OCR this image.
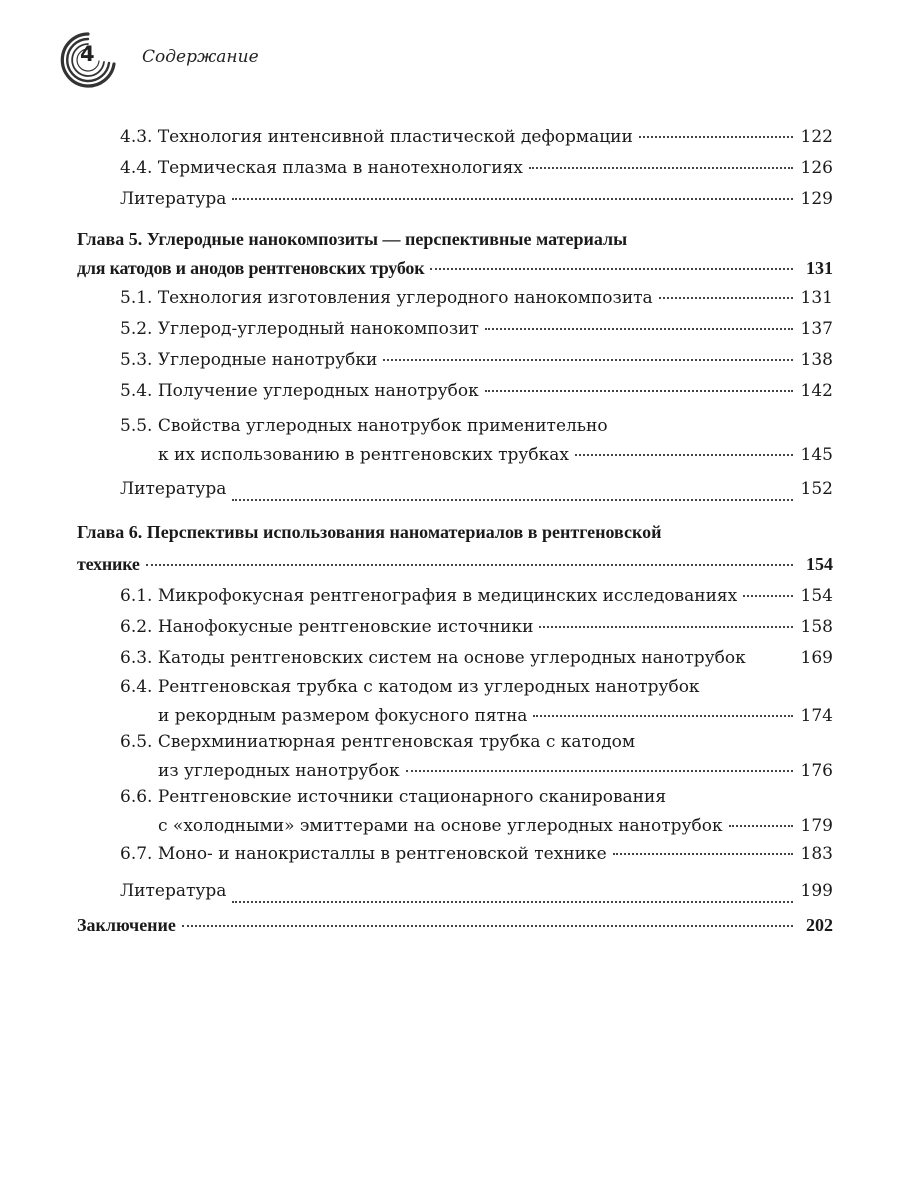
4	Содержание
4.3. Технология интенсивной пластической деформации	122
4.4. Термическая плазма в нанотехнологиях	126
Литература	129
Глава 5. Углеродные нанокомпозиты — перспективные материалы
для катодов и анодов рентгеновских трубок	131
5.1. Технология изготовления углеродного нанокомпозита	131
5.2. Углерод-углеродный нанокомпозит	137
5.3. Углеродные нанотрубки	138
5.4. Получение углеродных нанотрубок	142
5.5. Свойства углеродных нанотрубок применительно
к их использованию в рентгеновских трубках	145
Литература	152
Глава 6. Перспективы использования наноматериалов в рентгеновской
технике	154
6.1. Микрофокусная рентгенография в медицинских исследованиях	154
6.2. Нанофокусные рентгеновские источники	158
6.3. Катоды рентгеновских систем на основе углеродных нанотрубок	169
6.4. Рентгеновская трубка с катодом из углеродных нанотрубок
и рекордным размером фокусного пятна	174
6.5. Сверхминиатюрная рентгеновская трубка с катодом
из углеродных нанотрубок	176
6.6. Рентгеновские источники стационарного сканирования
с «холодными» эмиттерами на основе углеродных нанотрубок	179
6.7. Моно- и нанокристаллы в рентгеновской технике	183
Литература	199
Заключение	202
